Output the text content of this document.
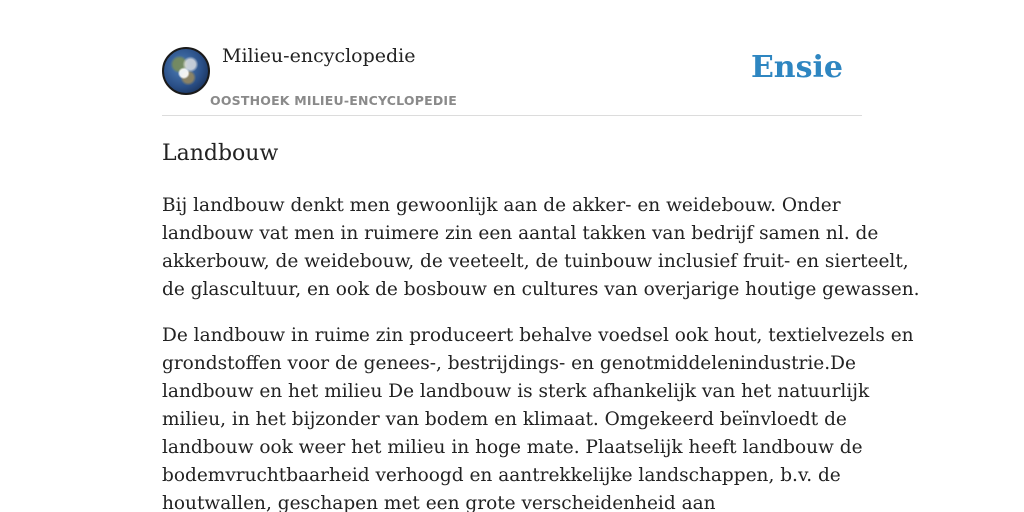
Milieu-encyclopedie
OOSTHOEK MILIEU-ENCYCLOPEDIE
Ensie
Landbouw
Bij landbouw denkt men gewoonlijk aan de akker- en weidebouw. Onder
landbouw vat men in ruimere zin een aantal takken van bedrijf samen nl. de
akkerbouw, de weidebouw, de veeteelt, de tuinbouw inclusief fruit- en sierteelt,
de glascultuur, en ook de bosbouw en cultures van overjarige houtige gewassen.
De landbouw in ruime zin produceert behalve voedsel ook hout, textielvezels en
grondstoffen voor de genees-, bestrijdings- en genotmiddelenindustrie.De
landbouw en het milieu De landbouw is sterk afhankelijk van het natuurlijk
milieu, in het bijzonder van bodem en klimaat. Omgekeerd beïnvloedt de
landbouw ook weer het milieu in hoge mate. Plaatselijk heeft landbouw de
bodemvruchtbaarheid verhoogd en aantrekkelijke landschappen, b.v. de
houtwallen, geschapen met een grote verscheidenheid aan
